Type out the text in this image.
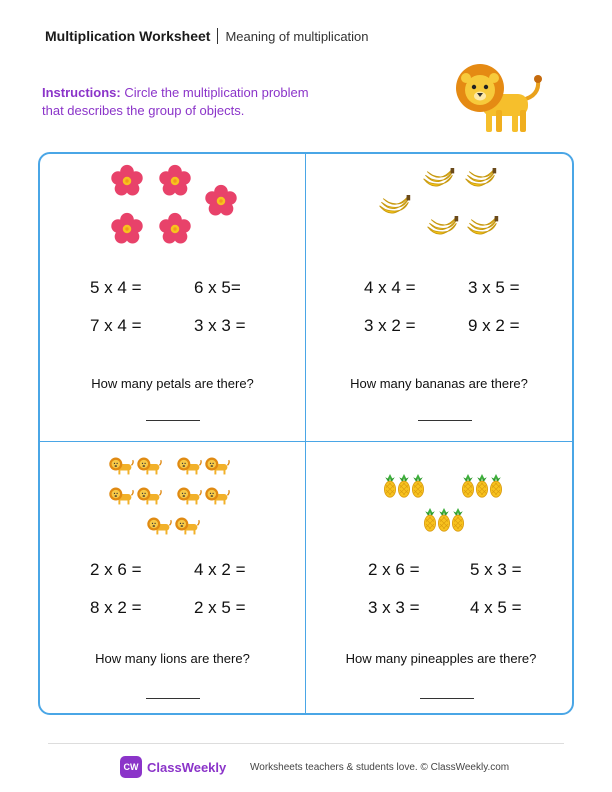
Multiplication Worksheet Meaning of multiplication
Instructions: Circle the multiplication problem
that describes the group of objects.
5 x 4 =	6 x 5=
7 x 4 =	3 x 3 =
How many petals are there?
4 x 4 =	3 x 5 =
3 x 2 =	9 x 2 =
How many bananas are there?
2 x 6 =	4 x 2 =
8 x 2 =	2 x 5 =
How many lions are there?
2 x 6 =	5 x 3 =
3 x 3 =	4 x 5 =
How many pineapples are there?
CW ClassWeekly Worksheets teachers & students love. © ClassWeekly.com
